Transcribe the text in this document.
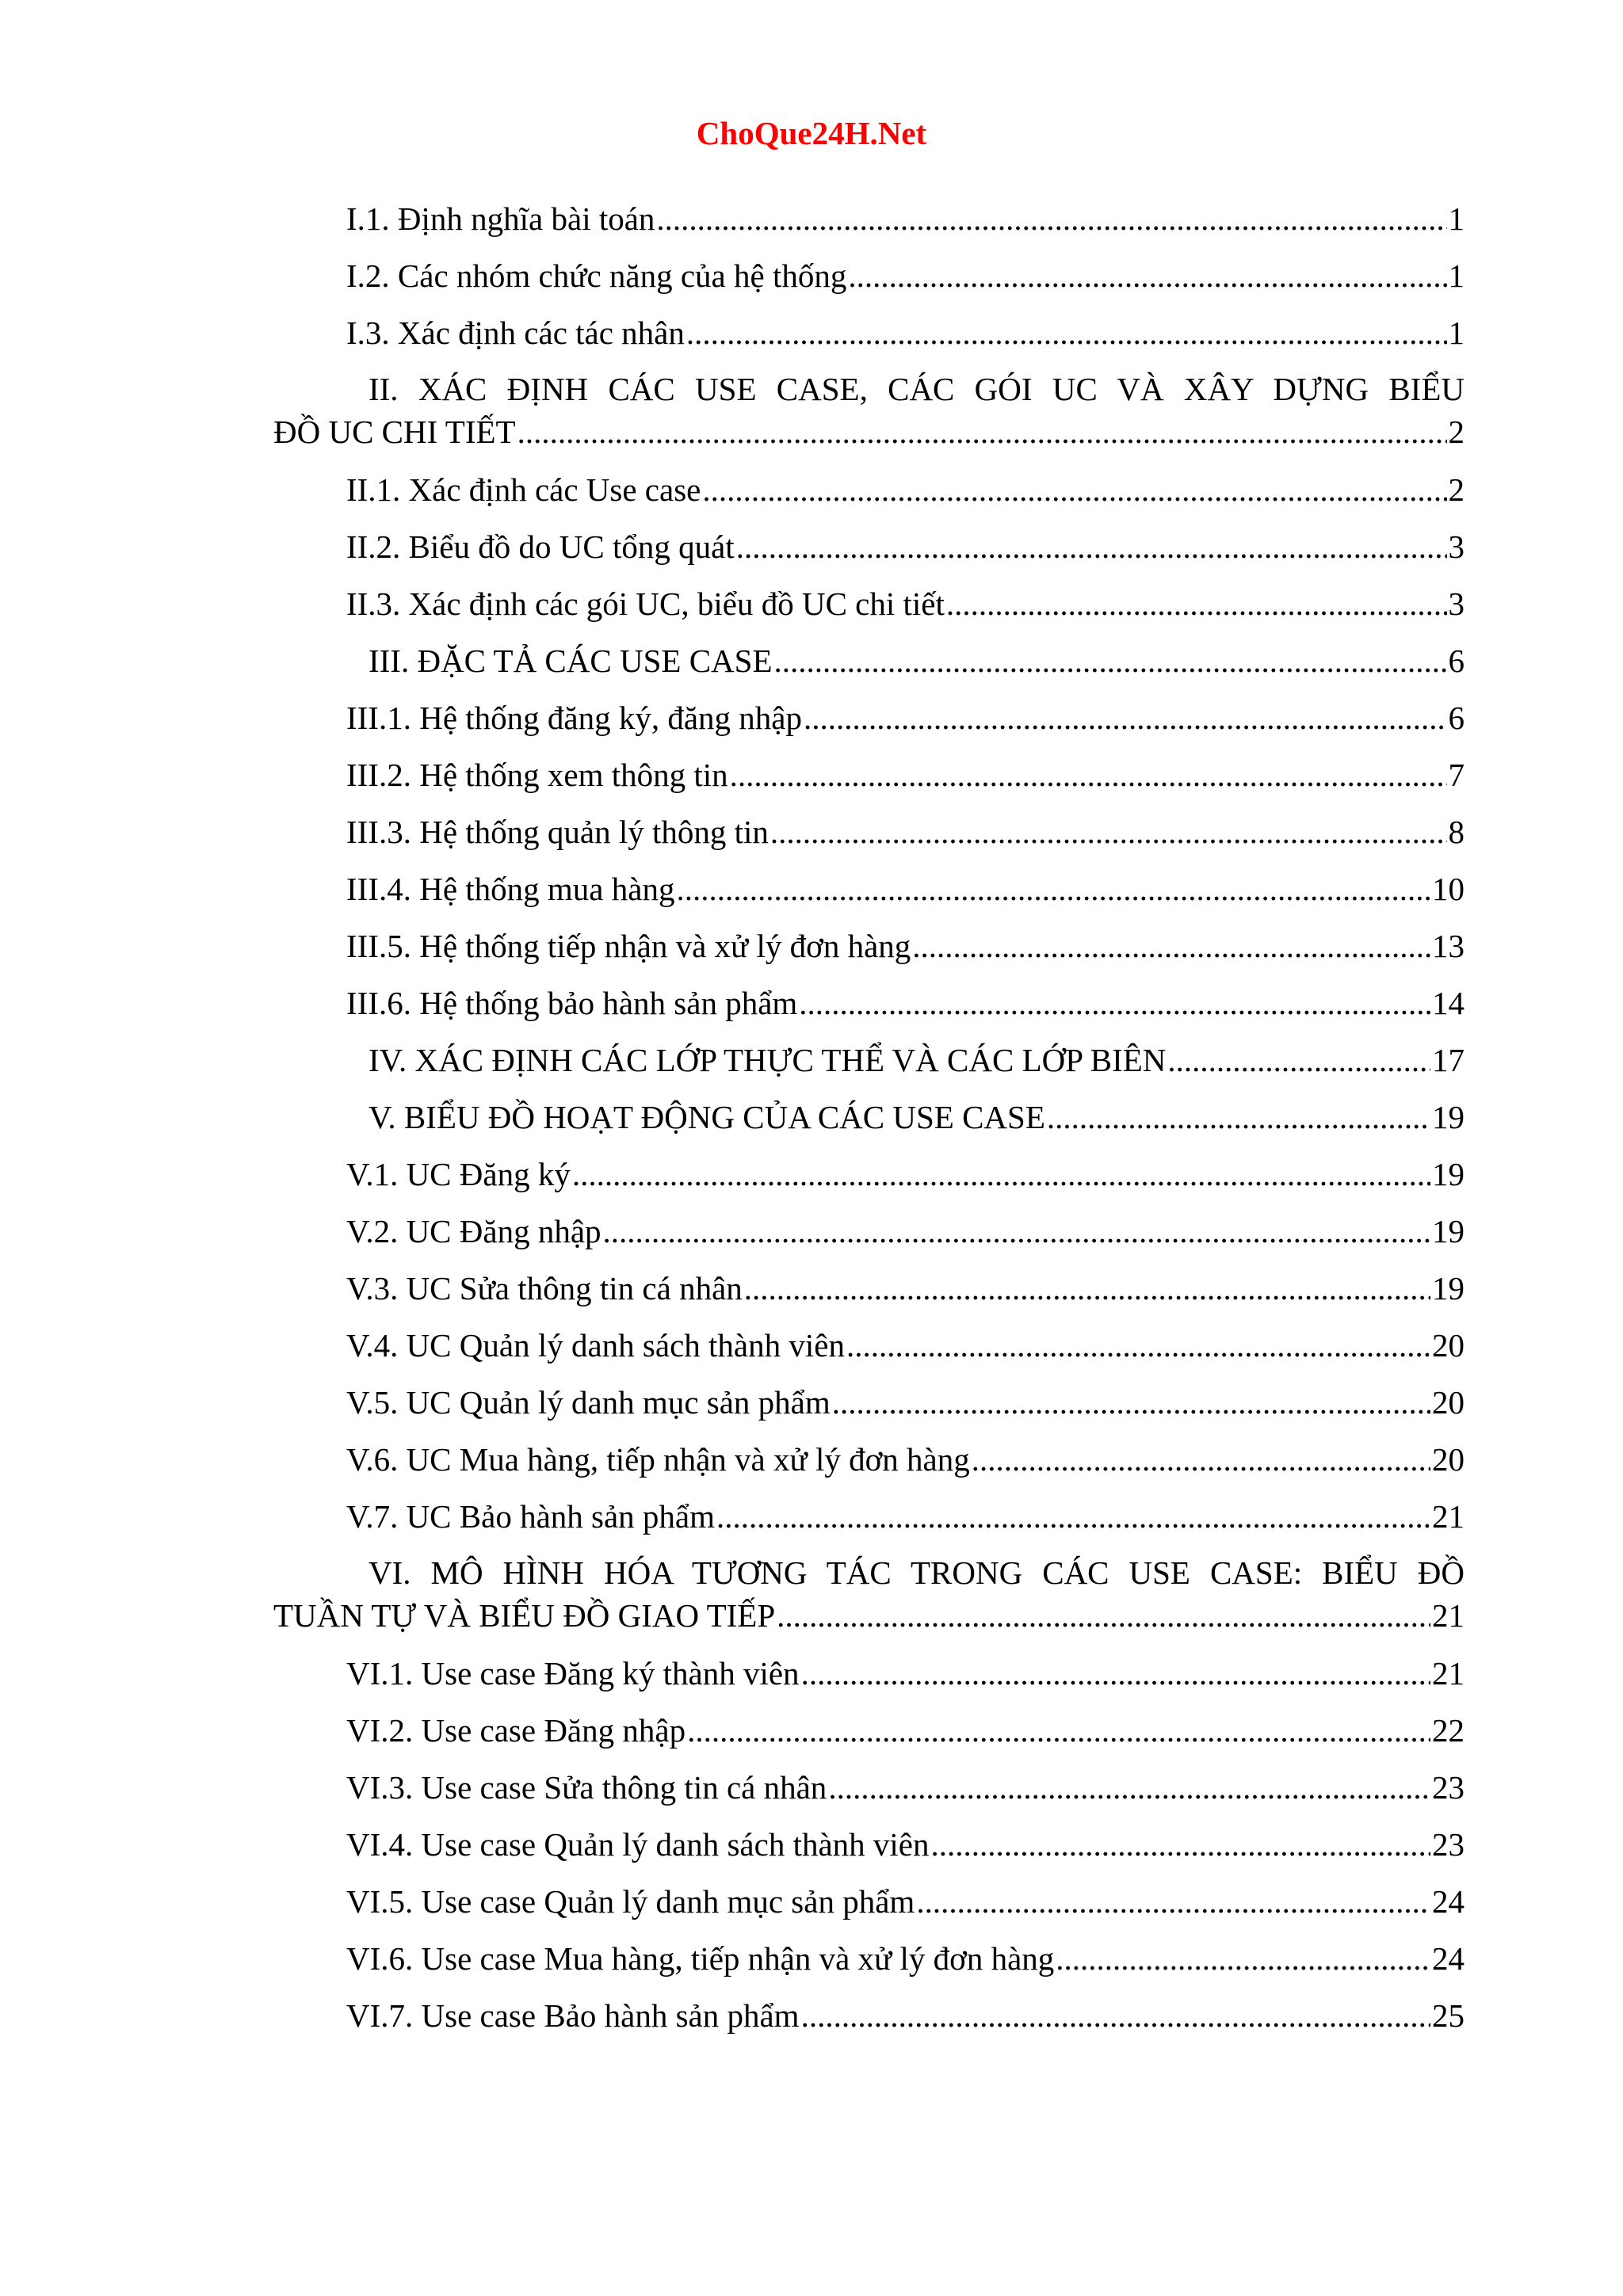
ChoQue24H.Net
I.1. Định nghĩa bài toán .....	1
I.2. Các nhóm chức năng của hệ thống .....	1
I.3. Xác định các tác nhân .....	1
II. XÁC ĐỊNH CÁC USE CASE, CÁC GÓI UC VÀ XÂY DỰNG BIỂU
ĐỒ UC CHI TIẾT .....	2
II.1. Xác định các Use case .....	2
II.2. Biểu đồ do UC tổng quát .....	3
II.3. Xác định các gói UC, biểu đồ UC chi tiết .....	3
III. ĐẶC TẢ CÁC USE CASE .....	6
III.1. Hệ thống đăng ký, đăng nhập .....	6
III.2. Hệ thống xem thông tin .....	7
III.3. Hệ thống quản lý thông tin .....	8
III.4. Hệ thống mua hàng .....	10
III.5. Hệ thống tiếp nhận và xử lý đơn hàng .....	13
III.6. Hệ thống bảo hành sản phẩm .....	14
IV. XÁC ĐỊNH CÁC LỚP THỰC THỂ VÀ CÁC LỚP BIÊN .....	17
V. BIỂU ĐỒ HOẠT ĐỘNG CỦA CÁC USE CASE .....	19
V.1. UC Đăng ký .....	19
V.2. UC Đăng nhập .....	19
V.3. UC Sửa thông tin cá nhân .....	19
V.4. UC Quản lý danh sách thành viên .....	20
V.5. UC Quản lý danh mục sản phẩm .....	20
V.6. UC Mua hàng, tiếp nhận và xử lý đơn hàng .....	20
V.7. UC Bảo hành sản phẩm .....	21
VI. MÔ HÌNH HÓA TƯƠNG TÁC TRONG CÁC USE CASE: BIỂU ĐỒ
TUẦN TỰ VÀ BIỂU ĐỒ GIAO TIẾP .....	21
VI.1. Use case Đăng ký thành viên .....	21
VI.2. Use case Đăng nhập .....	22
VI.3. Use case Sửa thông tin cá nhân .....	23
VI.4. Use case Quản lý danh sách thành viên .....	23
VI.5. Use case Quản lý danh mục sản phẩm .....	24
VI.6. Use case Mua hàng, tiếp nhận và xử lý đơn hàng .....	24
VI.7. Use case Bảo hành sản phẩm .....	25
